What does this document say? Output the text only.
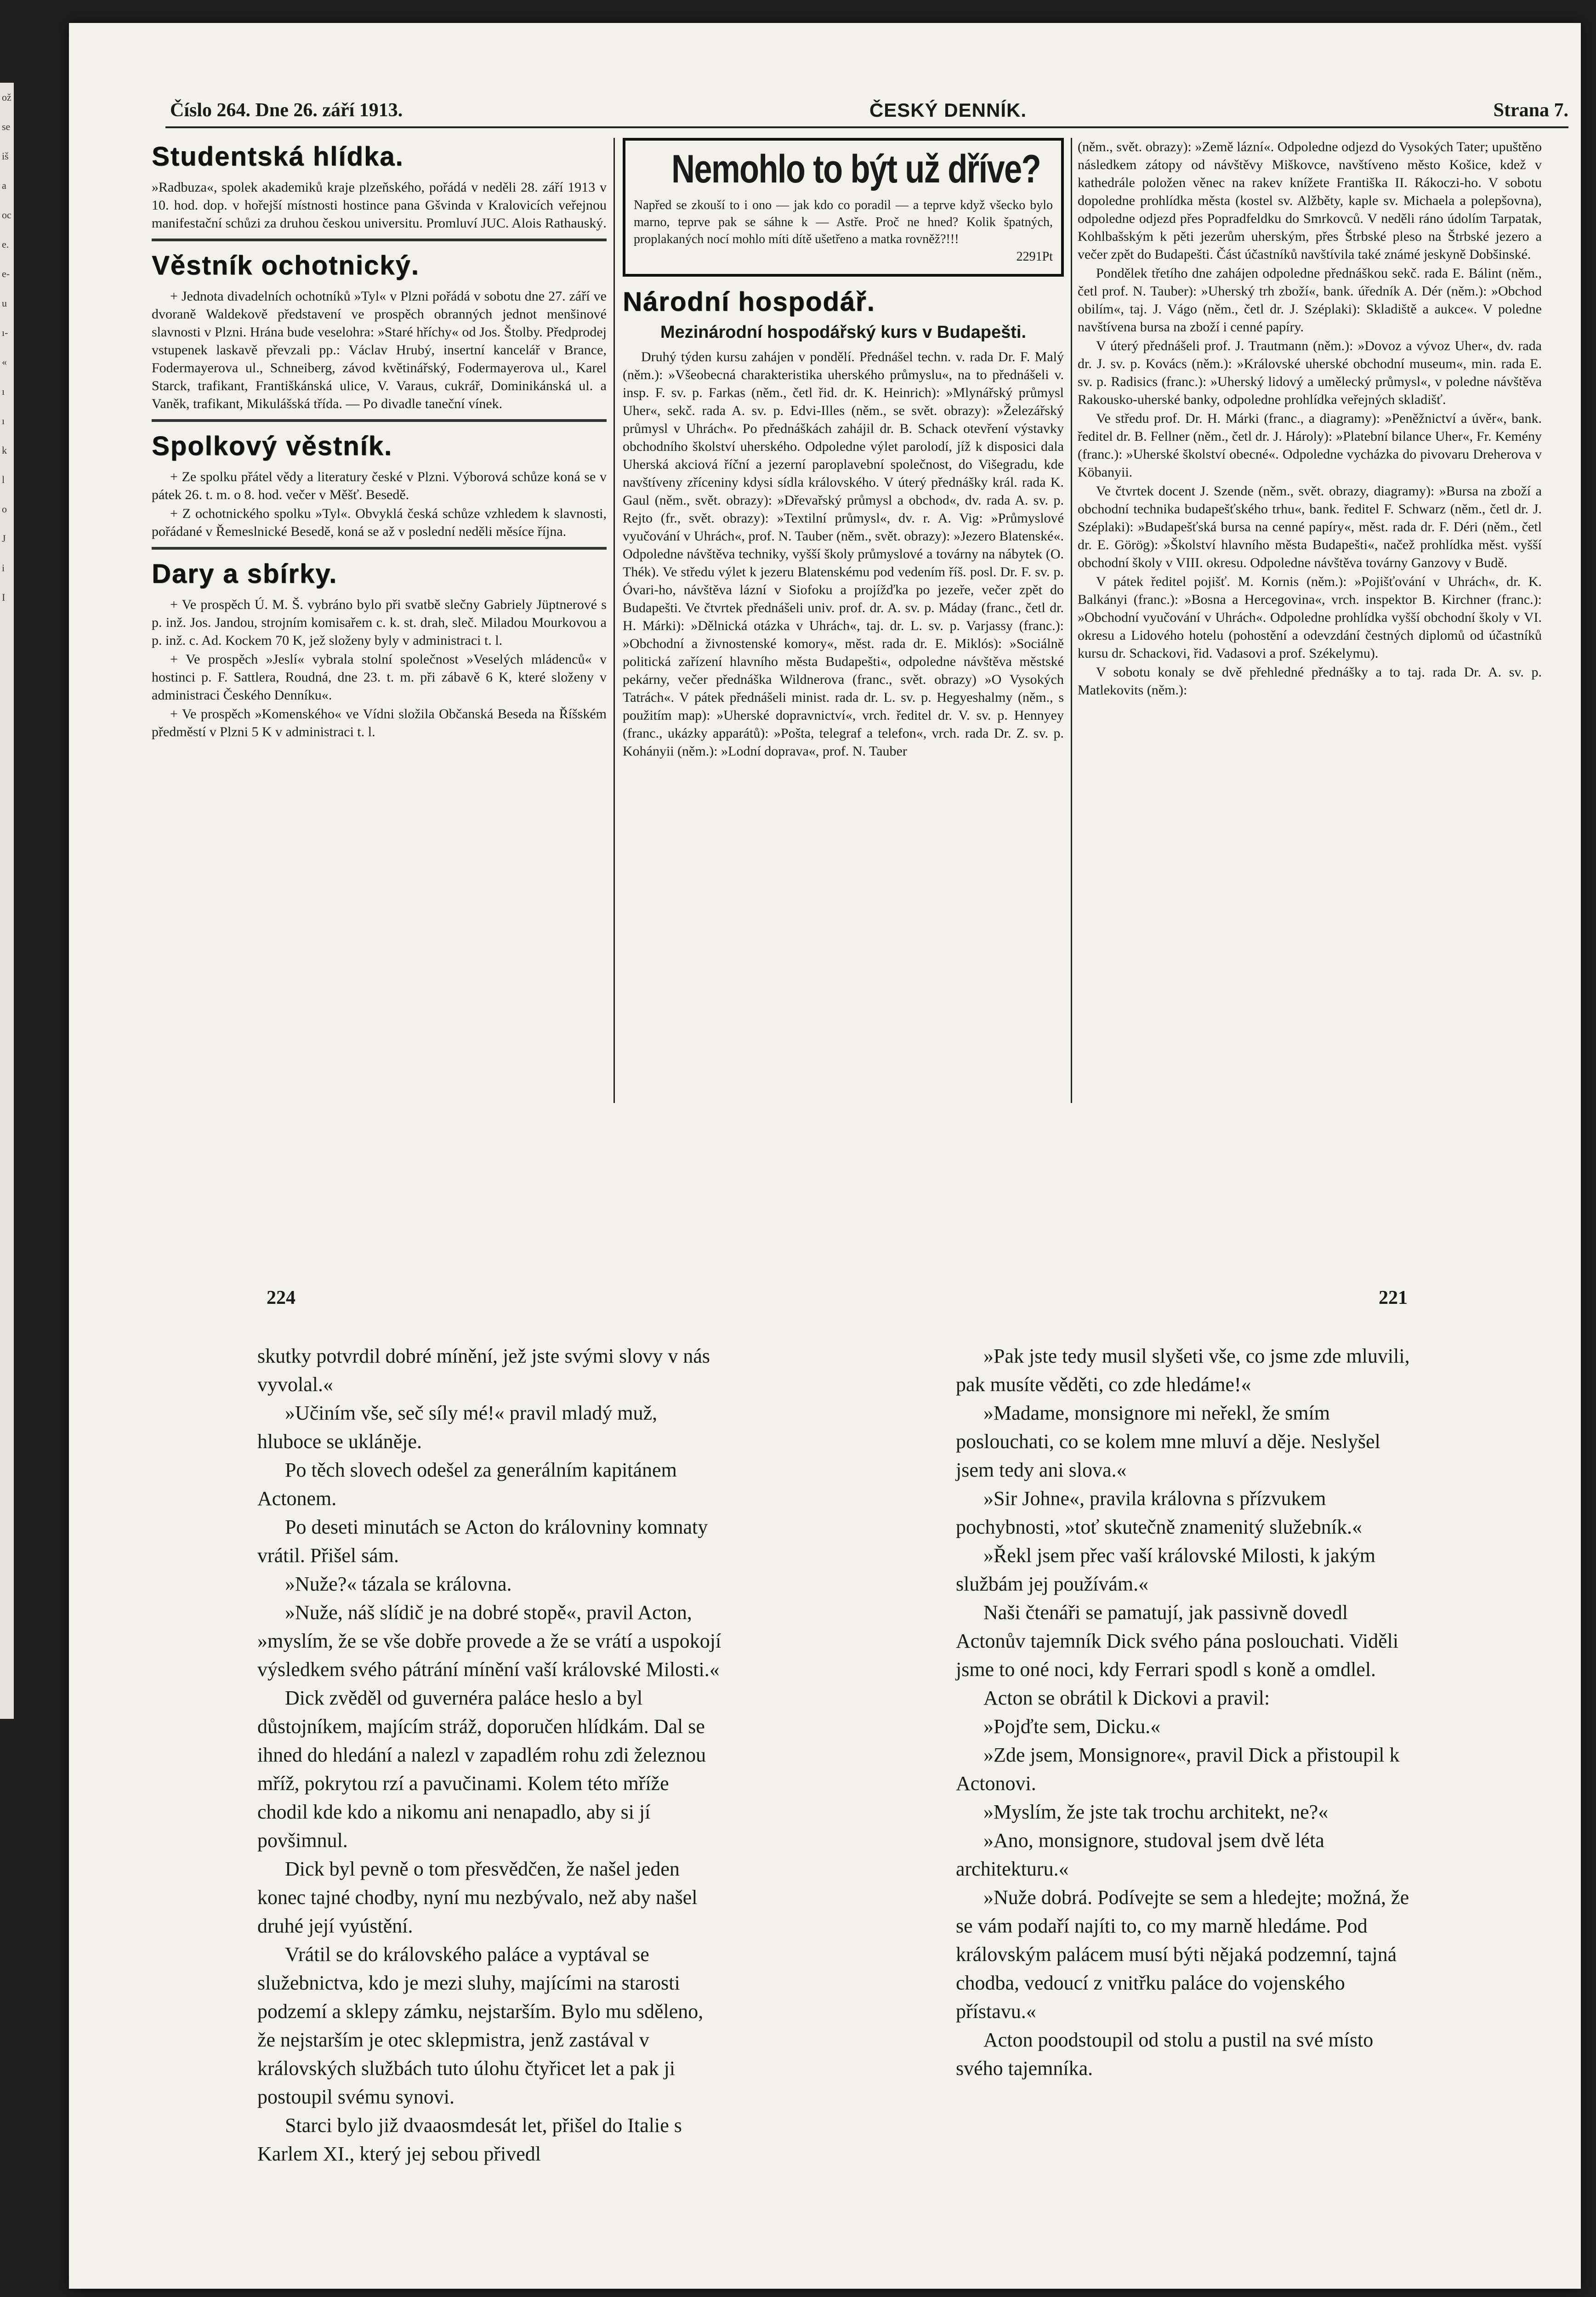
ož
se
iš
a
oc
e.
e-
u
ı-
«
ı
ı
k
l
o
J
i
I
Číslo 264. Dne 26. září 1913.	ČESKÝ DENNÍK.	Strana 7.
Studentská hlídka.

»Radbuza«, spolek akademiků kraje plzeňského, pořádá v neděli 28. září 1913 v 10. hod. dop. v hořejší místnosti hostince pana Gšvinda v Kralovicích veřejnou manifestační schůzi za druhou českou universitu. Promluví JUC. Alois Rathauský.

Věstník ochotnický.

+ Jednota divadelních ochotníků »Tyl« v Plzni pořádá v sobotu dne 27. září ve dvoraně Waldekově představení ve prospěch obranných jednot menšinové slavnosti v Plzni. Hrána bude veselohra: »Staré hříchy« od Jos. Štolby. Předprodej vstupenek laskavě převzali pp.: Václav Hrubý, insertní kancelář v Brance, Fodermayerova ul., Schneiberg, závod květinářský, Fodermayerova ul., Karel Starck, trafikant, Františkánská ulice, V. Varaus, cukrář, Dominikánská ul. a Vaněk, trafikant, Mikulášská třída. — Po divadle taneční vínek.

Spolkový věstník.

+ Ze spolku přátel vědy a literatury české v Plzni. Výborová schůze koná se v pátek 26. t. m. o 8. hod. večer v Měšť. Besedě.

+ Z ochotnického spolku »Tyl«. Obvyklá česká schůze vzhledem k slavnosti, pořádané v Řemeslnické Besedě, koná se až v poslední neděli měsíce října.

Dary a sbírky.

+ Ve prospěch Ú. M. Š. vybráno bylo při svatbě slečny Gabriely Jüptnerové s p. inž. Jos. Jandou, strojním komisařem c. k. st. drah, sleč. Miladou Mourkovou a p. inž. c. Ad. Kockem 70 K, jež složeny byly v administraci t. l.

+ Ve prospěch »Jeslí« vybrala stolní společnost »Veselých mládenců« v hostinci p. F. Sattlera, Roudná, dne 23. t. m. při zábavě 6 K, které složeny v administraci Českého Denníku«.

+ Ve prospěch »Komenského« ve Vídni složila Občanská Beseda na Říšském předměstí v Plzni 5 K v administraci t. l.

Nemohlo to být už dříve?
Napřed se zkouší to i ono — jak kdo co poradil — a teprve když všecko bylo marno, teprve pak se sáhne k — Astře. Proč ne hned? Kolik špatných, proplakaných nocí mohlo míti dítě ušetřeno a matka rovněž?!!!
2291Pt
Národní hospodář.
Mezinárodní hospodářský kurs v Budapešti.

Druhý týden kursu zahájen v pondělí. Přednášel techn. v. rada Dr. F. Malý (něm.): »Všeobecná charakteristika uherského průmyslu«, na to přednášeli v. insp. F. sv. p. Farkas (něm., četl řid. dr. K. Heinrich): »Mlynářský průmysl Uher«, sekč. rada A. sv. p. Edvi-Illes (něm., se svět. obrazy): »Železářský průmysl v Uhrách«. Po přednáškách zahájil dr. B. Schack otevření výstavky obchodního školství uherského. Odpoledne výlet parolodí, jíž k disposici dala Uherská akciová říční a jezerní paroplavební společnost, do Višegradu, kde navštíveny zříceniny kdysi sídla královského. V úterý přednášky král. rada K. Gaul (něm., svět. obrazy): »Dřevařský průmysl a obchod«, dv. rada A. sv. p. Rejto (fr., svět. obrazy): »Textilní průmysl«, dv. r. A. Vig: »Průmyslové vyučování v Uhrách«, prof. N. Tauber (něm., svět. obrazy): »Jezero Blatenské«. Odpoledne návštěva techniky, vyšší školy průmyslové a továrny na nábytek (O. Thék). Ve středu výlet k jezeru Blatenskému pod vedením říš. posl. Dr. F. sv. p. Óvari-ho, návštěva lázní v Siofoku a projížďka po jezeře, večer zpět do Budapešti. Ve čtvrtek přednášeli univ. prof. dr. A. sv. p. Máday (franc., četl dr. H. Márki): »Dělnická otázka v Uhrách«, taj. dr. L. sv. p. Varjassy (franc.): »Obchodní a živnostenské komory«, měst. rada dr. E. Miklós): »Sociálně politická zařízení hlavního města Budapešti«, odpoledne návštěva městské pekárny, večer přednáška Wildnerova (franc., svět. obrazy) »O Vysokých Tatrách«. V pátek přednášeli minist. rada dr. L. sv. p. Hegyeshalmy (něm., s použitím map): »Uherské dopravnictví«, vrch. ředitel dr. V. sv. p. Hennyey (franc., ukázky apparátů): »Pošta, telegraf a telefon«, vrch. rada Dr. Z. sv. p. Kohányii (něm.): »Lodní doprava«, prof. N. Tauber

(něm., svět. obrazy): »Země lázní«. Odpoledne odjezd do Vysokých Tater; upuštěno následkem zátopy od návštěvy Miškovce, navštíveno město Košice, kdež v kathedrále položen věnec na rakev knížete Františka II. Rákoczi-ho. V sobotu dopoledne prohlídka města (kostel sv. Alžběty, kaple sv. Michaela a polepšovna), odpoledne odjezd přes Popradfeldku do Smrkovců. V neděli ráno údolím Tarpatak, Kohlbašským k pěti jezerům uherským, přes Štrbské pleso na Štrbské jezero a večer zpět do Budapešti. Část účastníků navštívila také známé jeskyně Dobšinské.

Pondělek třetího dne zahájen odpoledne přednáškou sekč. rada E. Bálint (něm., četl prof. N. Tauber): »Uherský trh zboží«, bank. úředník A. Dér (něm.): »Obchod obilím«, taj. J. Vágo (něm., četl dr. J. Széplaki): Skladiště a aukce«. V poledne navštívena bursa na zboží i cenné papíry.

V úterý přednášeli prof. J. Trautmann (něm.): »Dovoz a vývoz Uher«, dv. rada dr. J. sv. p. Kovács (něm.): »Královské uherské obchodní museum«, min. rada E. sv. p. Radisics (franc.): »Uherský lidový a umělecký průmysl«, v poledne návštěva Rakousko-uherské banky, odpoledne prohlídka veřejných skladišť.

Ve středu prof. Dr. H. Márki (franc., a diagramy): »Peněžnictví a úvěr«, bank. ředitel dr. B. Fellner (něm., četl dr. J. Hároly): »Platební bilance Uher«, Fr. Kemény (franc.): »Uherské školství obecné«. Odpoledne vycházka do pivovaru Dreherova v Köbanyii.

Ve čtvrtek docent J. Szende (něm., svět. obrazy, diagramy): »Bursa na zboží a obchodní technika budapešťského trhu«, bank. ředitel F. Schwarz (něm., četl dr. J. Széplaki): »Budapešťská bursa na cenné papíry«, měst. rada dr. F. Déri (něm., četl dr. E. Görög): »Školství hlavního města Budapešti«, načež prohlídka měst. vyšší obchodní školy v VIII. okresu. Odpoledne návštěva továrny Ganzovy v Budě.

V pátek ředitel pojišť. M. Kornis (něm.): »Pojišťování v Uhrách«, dr. K. Balkányi (franc.): »Bosna a Hercegovina«, vrch. inspektor B. Kirchner (franc.): »Obchodní vyučování v Uhrách«. Odpoledne prohlídka vyšší obchodní školy v VI. okresu a Lidového hotelu (pohostění a odevzdání čestných diplomů od účastníků kursu dr. Schackovi, řid. Vadasovi a prof. Székelymu).

V sobotu konaly se dvě přehledné přednášky a to taj. rada Dr. A. sv. p. Matlekovits (něm.):

224	221

skutky potvrdil dobré mínění, jež jste svými slovy v nás vyvolal.«

»Učiním vše, seč síly mé!« pravil mladý muž, hluboce se ukláněje.

Po těch slovech odešel za generálním kapitánem Actonem.

Po deseti minutách se Acton do královniny komnaty vrátil. Přišel sám.

»Nuže?« tázala se královna.

»Nuže, náš slídič je na dobré stopě«, pravil Acton, »myslím, že se vše dobře provede a že se vrátí a uspokojí výsledkem svého pátrání mínění vaší královské Milosti.«

Dick zvěděl od guvernéra paláce heslo a byl důstojníkem, majícím stráž, doporučen hlídkám. Dal se ihned do hledání a nalezl v zapadlém rohu zdi železnou mříž, pokrytou rzí a pavučinami. Kolem této mříže chodil kde kdo a nikomu ani nenapadlo, aby si jí povšimnul.

Dick byl pevně o tom přesvědčen, že našel jeden konec tajné chodby, nyní mu nezbývalo, než aby našel druhé její vyústění.

Vrátil se do královského paláce a vyptával se služebnictva, kdo je mezi sluhy, majícími na starosti podzemí a sklepy zámku, nejstarším. Bylo mu sděleno, že nejstarším je otec sklepmistra, jenž zastával v královských službách tuto úlohu čtyřicet let a pak ji postoupil svému synovi.

Starci bylo již dvaaosmdesát let, přišel do Italie s Karlem XI., který jej sebou přivedl

»Pak jste tedy musil slyšeti vše, co jsme zde mluvili, pak musíte věděti, co zde hledáme!«

»Madame, monsignore mi neřekl, že smím poslouchati, co se kolem mne mluví a děje. Neslyšel jsem tedy ani slova.«

»Sir Johne«, pravila královna s přízvukem pochybnosti, »toť skutečně znamenitý služebník.«

»Řekl jsem přec vaší královské Milosti, k jakým službám jej používám.«

Naši čtenáři se pamatují, jak passivně dovedl Actonův tajemník Dick svého pána poslouchati. Viděli jsme to oné noci, kdy Ferrari spodl s koně a omdlel.

Acton se obrátil k Dickovi a pravil:

»Pojďte sem, Dicku.«

»Zde jsem, Monsignore«, pravil Dick a přistoupil k Actonovi.

»Myslím, že jste tak trochu architekt, ne?«

»Ano, monsignore, studoval jsem dvě léta architekturu.«

»Nuže dobrá. Podívejte se sem a hledejte; možná, že se vám podaří najíti to, co my marně hledáme. Pod královským palácem musí býti nějaká podzemní, tajná chodba, vedoucí z vnitřku paláce do vojenského přístavu.«

Acton poodstoupil od stolu a pustil na své místo svého tajemníka.
